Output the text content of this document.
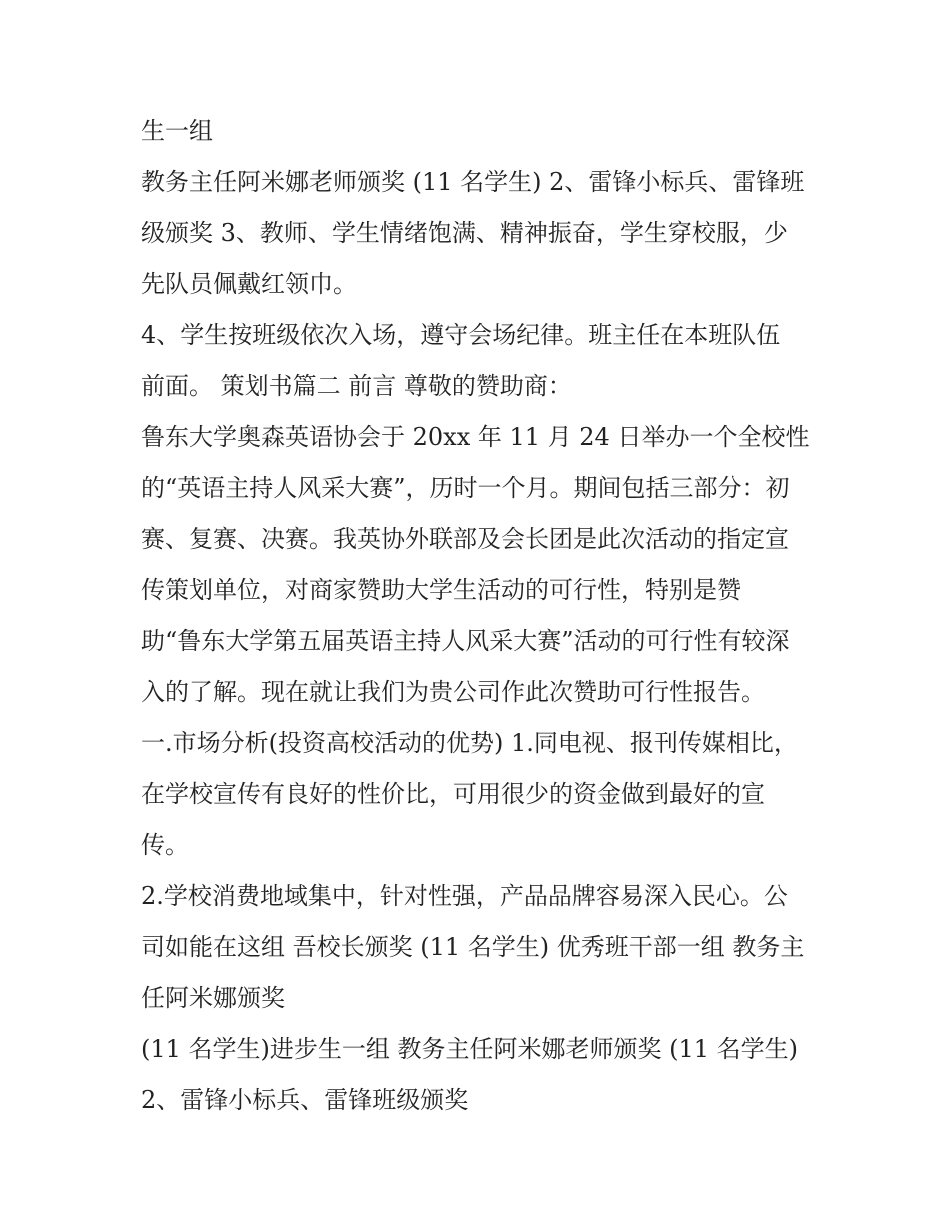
生一组
教务主任阿米娜老师颁奖 (11 名学生) 2、雷锋小标兵、雷锋班
级颁奖 3、教师、学生情绪饱满、精神振奋，学生穿校服，少
先队员佩戴红领巾。
4、学生按班级依次入场，遵守会场纪律。班主任在本班队伍
前面。 策划书篇二 前言 尊敬的赞助商：
鲁东大学奥森英语协会于 20xx 年 11 月 24 日举办一个全校性
的“英语主持人风采大赛”，历时一个月。期间包括三部分：初
赛、复赛、决赛。我英协外联部及会长团是此次活动的指定宣
传策划单位，对商家赞助大学生活动的可行性，特别是赞
助“鲁东大学第五届英语主持人风采大赛”活动的可行性有较深
入的了解。现在就让我们为贵公司作此次赞助可行性报告。
一.市场分析(投资高校活动的优势) 1.同电视、报刊传媒相比，
在学校宣传有良好的性价比，可用很少的资金做到最好的宣
传。
2.学校消费地域集中，针对性强，产品品牌容易深入民心。公
司如能在这组 吾校长颁奖 (11 名学生) 优秀班干部一组 教务主
任阿米娜颁奖
(11 名学生)进步生一组 教务主任阿米娜老师颁奖 (11 名学生)
2、雷锋小标兵、雷锋班级颁奖
